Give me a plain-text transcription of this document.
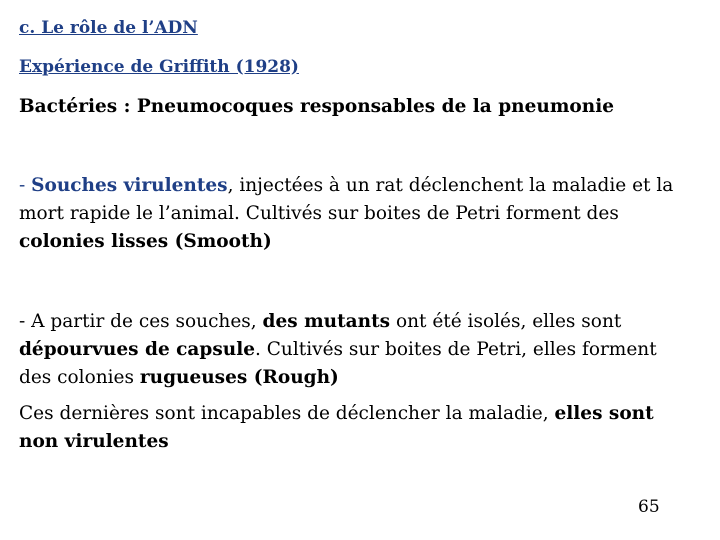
c. Le rôle de l’ADN
Expérience de Griffith (1928)
Bactéries : Pneumocoques responsables de la pneumonie
- Souches virulentes, injectées à un rat déclenchent la maladie et la
mort rapide le l’animal. Cultivés sur boites de Petri forment des
colonies lisses (Smooth)
- A partir de ces souches, des mutants ont été isolés, elles sont
dépourvues de capsule. Cultivés sur boites de Petri, elles forment
des colonies rugueuses (Rough)
Ces dernières sont incapables de déclencher la maladie, elles sont
non virulentes
65
